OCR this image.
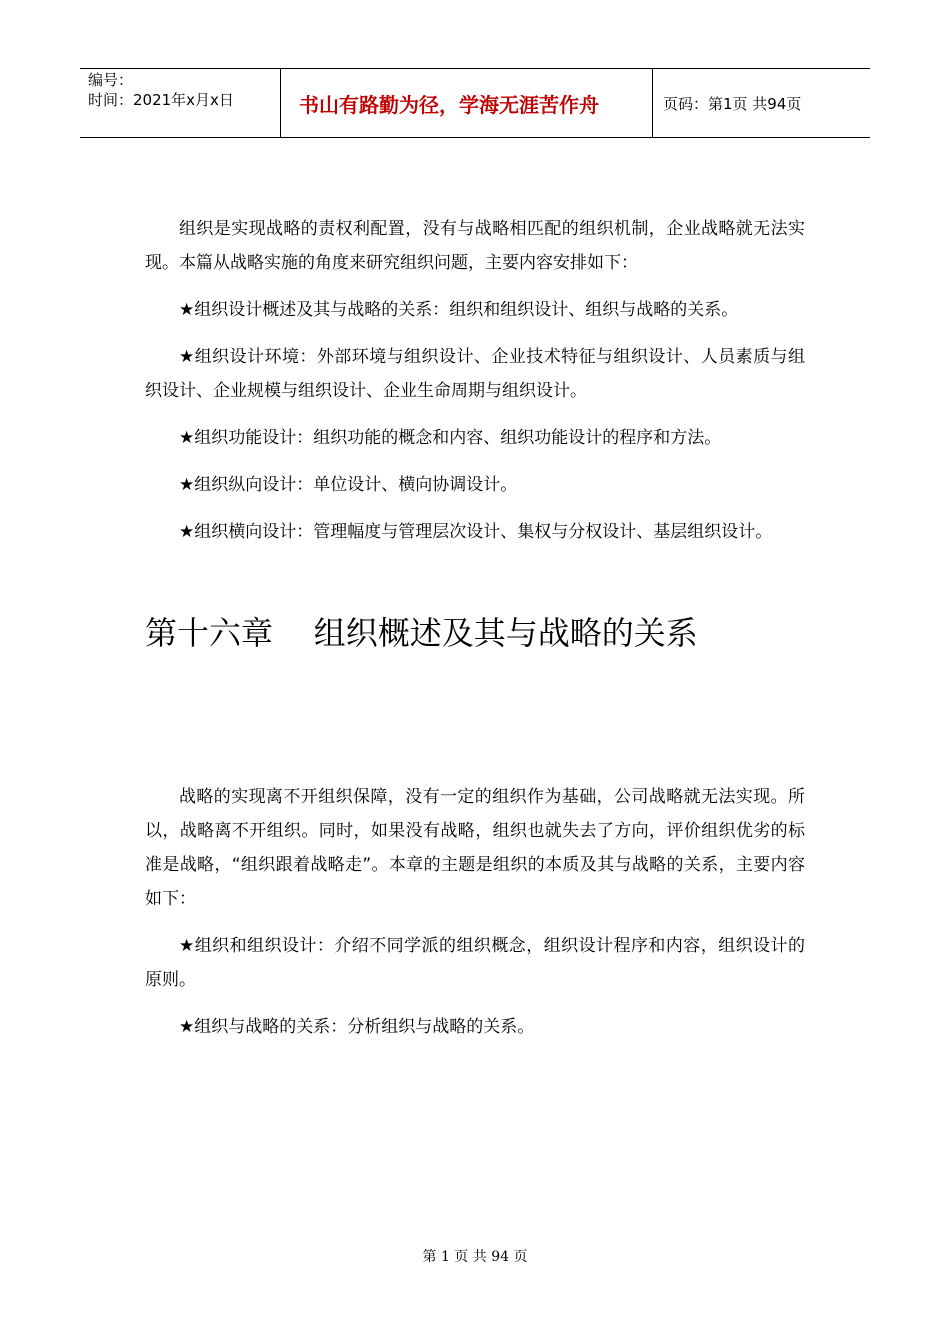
编号：
时间：2021年x月x日	书山有路勤为径，学海无涯苦作舟	页码：第1页 共94页

组织是实现战略的责权利配置，没有与战略相匹配的组织机制，企业战略就无法实现。本篇从战略实施的角度来研究组织问题，主要内容安排如下：

★组织设计概述及其与战略的关系：组织和组织设计、组织与战略的关系。

★组织设计环境：外部环境与组织设计、企业技术特征与组织设计、人员素质与组织设计、企业规模与组织设计、企业生命周期与组织设计。

★组织功能设计：组织功能的概念和内容、组织功能设计的程序和方法。

★组织纵向设计：单位设计、横向协调设计。

★组织横向设计：管理幅度与管理层次设计、集权与分权设计、基层组织设计。

第十六章    组织概述及其与战略的关系

战略的实现离不开组织保障，没有一定的组织作为基础，公司战略就无法实现。所以，战略离不开组织。同时，如果没有战略，组织也就失去了方向，评价组织优劣的标准是战略，“组织跟着战略走”。本章的主题是组织的本质及其与战略的关系，主要内容如下：

★组织和组织设计：介绍不同学派的组织概念，组织设计程序和内容，组织设计的原则。

★组织与战略的关系：分析组织与战略的关系。

第 1 页 共 94 页
